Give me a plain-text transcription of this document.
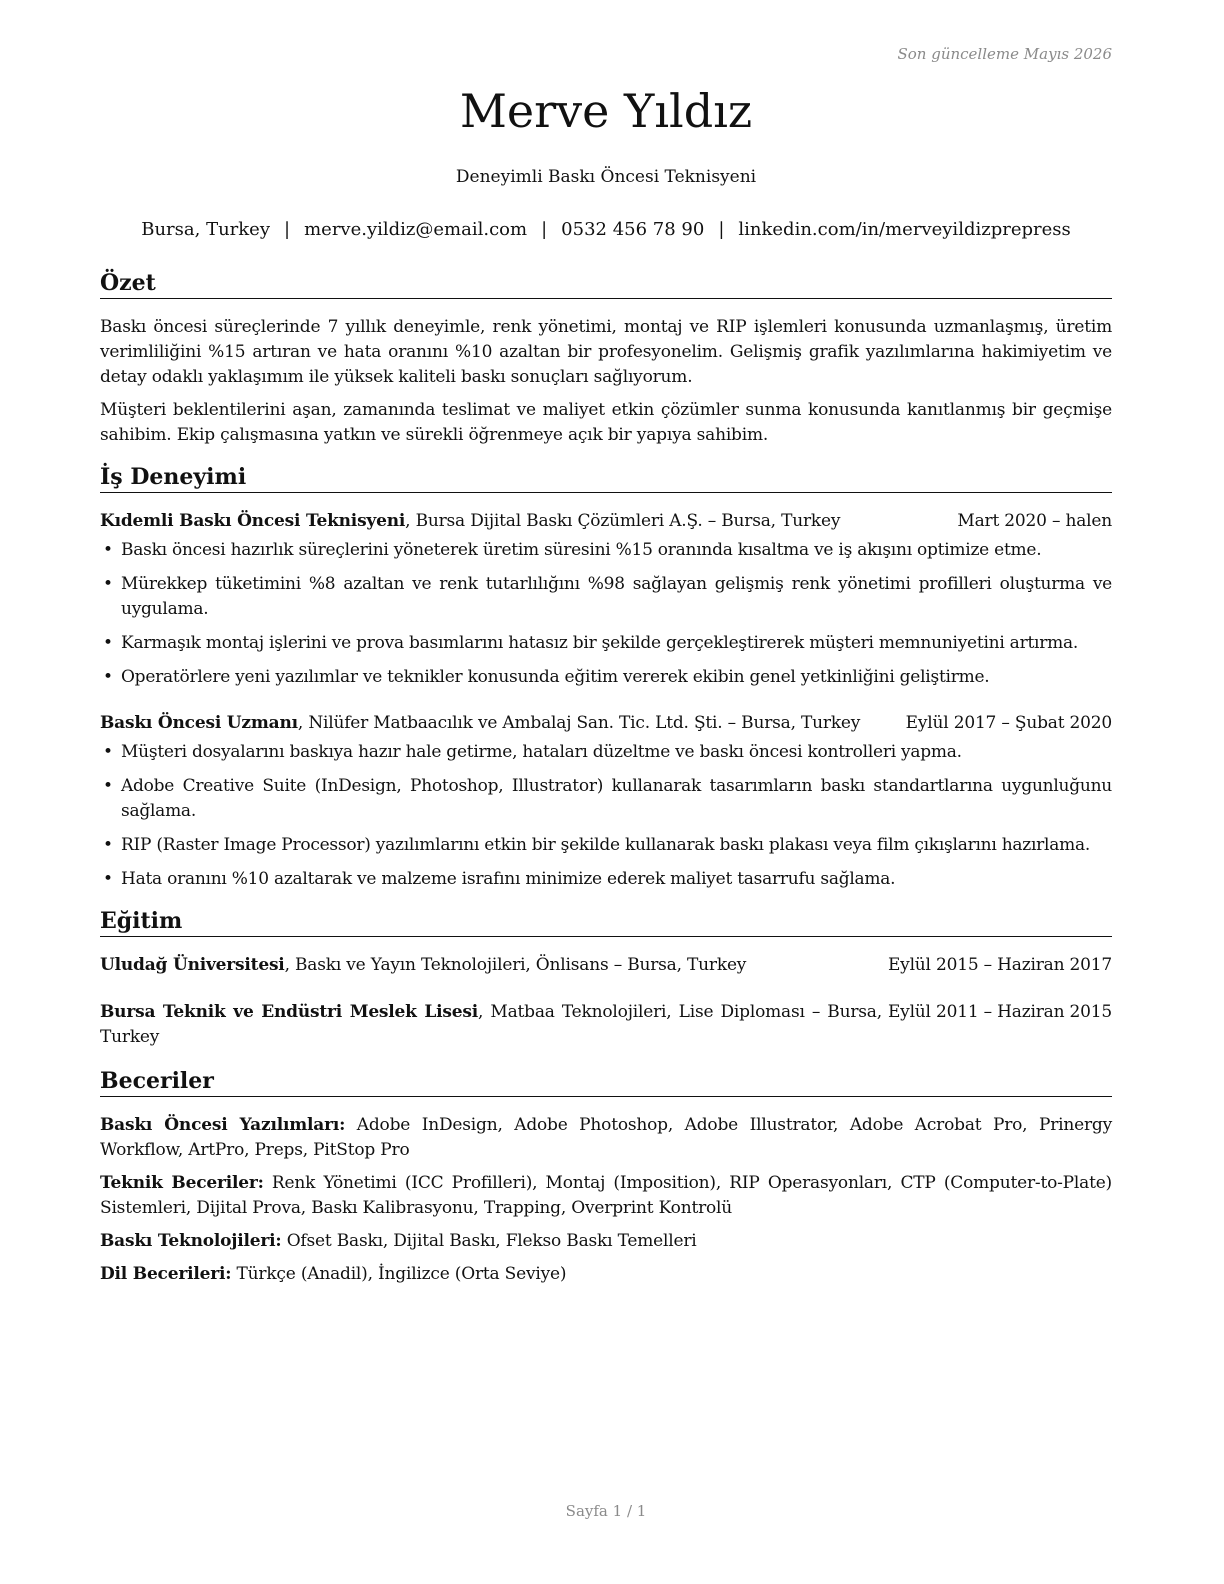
Son güncelleme Mayıs 2026
Merve Yıldız
Deneyimli Baskı Öncesi Teknisyeni
Bursa, Turkey | merve.yildiz@email.com | 0532 456 78 90 | linkedin.com/in/merveyildizprepress
Özet

Baskı öncesi süreçlerinde 7 yıllık deneyimle, renk yönetimi, montaj ve RIP işlemleri konusunda uzmanlaşmış, üretim verimliliğini %15 artıran ve hata oranını %10 azaltan bir profesyonelim. Gelişmiş grafik yazılımlarına hakimiyetim ve detay odaklı yaklaşımım ile yüksek kaliteli baskı sonuçları sağlıyorum.

Müşteri beklentilerini aşan, zamanında teslimat ve maliyet etkin çözümler sunma konusunda kanıtlanmış bir geçmişe sahibim. Ekip çalışmasına yatkın ve sürekli öğrenmeye açık bir yapıya sahibim.

İş Deneyimi
Kıdemli Baskı Öncesi Teknisyeni, Bursa Dijital Baskı Çözümleri A.Ş. – Bursa, Turkey	Mart 2020 – halen
• Baskı öncesi hazırlık süreçlerini yöneterek üretim süresini %15 oranında kısaltma ve iş akışını optimize etme.
• Mürekkep tüketimini %8 azaltan ve renk tutarlılığını %98 sağlayan gelişmiş renk yönetimi profilleri oluşturma ve uygulama.
• Karmaşık montaj işlerini ve prova basımlarını hatasız bir şekilde gerçekleştirerek müşteri memnuniyetini artırma.
• Operatörlere yeni yazılımlar ve teknikler konusunda eğitim vererek ekibin genel yetkinliğini geliştirme.
Baskı Öncesi Uzmanı, Nilüfer Matbaacılık ve Ambalaj San. Tic. Ltd. Şti. – Bursa, Turkey	Eylül 2017 – Şubat 2020
• Müşteri dosyalarını baskıya hazır hale getirme, hataları düzeltme ve baskı öncesi kontrolleri yapma.
• Adobe Creative Suite (InDesign, Photoshop, Illustrator) kullanarak tasarımların baskı standartlarına uygunluğunu sağlama.
• RIP (Raster Image Processor) yazılımlarını etkin bir şekilde kullanarak baskı plakası veya film çıkışlarını hazırlama.
• Hata oranını %10 azaltarak ve malzeme israfını minimize ederek maliyet tasarrufu sağlama.
Eğitim
Uludağ Üniversitesi, Baskı ve Yayın Teknolojileri, Önlisans – Bursa, Turkey	Eylül 2015 – Haziran 2017
Bursa Teknik ve Endüstri Meslek Lisesi, Matbaa Teknolojileri, Lise Diploması – Bursa, Turkey
Eylül 2011 – Haziran 2015
Beceriler

Baskı Öncesi Yazılımları: Adobe InDesign, Adobe Photoshop, Adobe Illustrator, Adobe Acrobat Pro, Prinergy Workflow, ArtPro, Preps, PitStop Pro

Teknik Beceriler: Renk Yönetimi (ICC Profilleri), Montaj (Imposition), RIP Operasyonları, CTP (Computer-to-Plate) Sistemleri, Dijital Prova, Baskı Kalibrasyonu, Trapping, Overprint Kontrolü

Baskı Teknolojileri: Ofset Baskı, Dijital Baskı, Flekso Baskı Temelleri

Dil Becerileri: Türkçe (Anadil), İngilizce (Orta Seviye)

Sayfa 1 / 1
